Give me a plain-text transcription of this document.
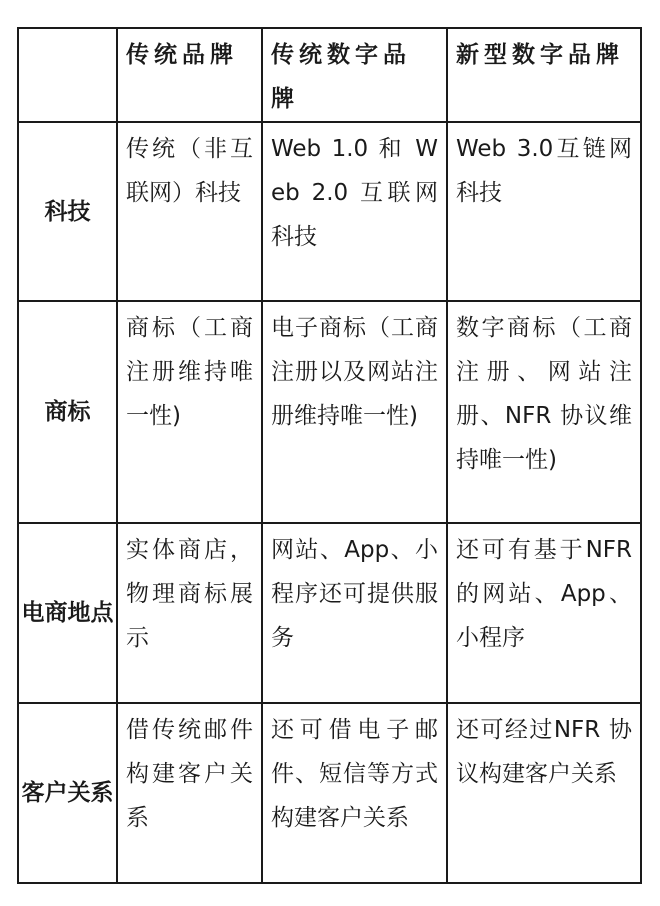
	传统品牌	传统数字品牌	新型数字品牌
科技	传统（非互联网）科技	Web 1.0 和 Web 2.0 互联网科技	Web 3.0互链网科技
商标	商标（工商注册维持唯一性)	电子商标（工商注册以及网站注册维持唯一性)	数字商标（工商注册、网站注册、NFR 协议维持唯一性)
电商地点	实体商店，物理商标展示	网站、App、小程序还可提供服务	还可有基于NFR 的网站、App、小程序
客户关系	借传统邮件构建客户关系	还可借电子邮件、短信等方式构建客户关系	还可经过NFR 协议构建客户关系
